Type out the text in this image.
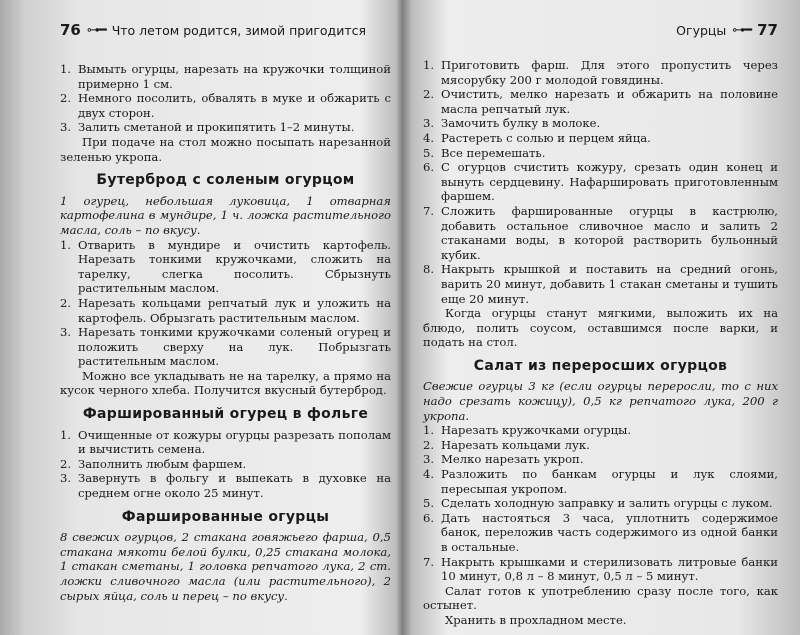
76 ⊶━ Что летом родится, зимой пригодится
1. Вымыть огурцы, нарезать на кружочки толщиной примерно 1 см.
2. Немного посолить, обвалять в муке и обжарить с двух сторон.
3. Залить сметаной и прокипятить 1–2 минуты.

При подаче на стол можно посыпать нарезанной зеленью укропа.

Бутерброд с соленым огурцом

1 огурец, небольшая луковица, 1 отварная картофелина в мундире, 1 ч. ложка растительного масла, соль – по вкусу.

1. Отварить в мундире и очистить картофель. Нарезать тонкими кружочками, сложить на тарелку, слегка посолить. Сбрызнуть растительным маслом.
2. Нарезать кольцами репчатый лук и уложить на картофель. Обрызгать растительным маслом.
3. Нарезать тонкими кружочками соленый огурец и положить сверху на лук. Побрызгать растительным маслом.

Можно все укладывать не на тарелку, а прямо на кусок черного хлеба. Получится вкусный бутерброд.

Фаршированный огурец в фольге
1. Очищенные от кожуры огурцы разрезать пополам и вычистить семена.
2. Заполнить любым фаршем.
3. Завернуть в фольгу и выпекать в духовке на среднем огне около 25 минут.
Фаршированные огурцы

8 свежих огурцов, 2 стакана говяжьего фарша, 0,5 стакана мякоти белой булки, 0,25 стакана молока, 1 стакан сметаны, 1 головка репчатого лука, 2 ст. ложки сливочного масла (или растительного), 2 сырых яйца, соль и перец – по вкусу.

Огурцы ⊶━ 77
1. Приготовить фарш. Для этого пропустить через мясорубку 200 г молодой говядины.
2. Очистить, мелко нарезать и обжарить на половине масла репчатый лук.
3. Замочить булку в молоке.
4. Растереть с солью и перцем яйца.
5. Все перемешать.
6. С огурцов счистить кожуру, срезать один конец и вынуть сердцевину. Нафаршировать приготовленным фаршем.
7. Сложить фаршированные огурцы в кастрюлю, добавить остальное сливочное масло и залить 2 стаканами воды, в которой растворить бульонный кубик.
8. Накрыть крышкой и поставить на средний огонь, варить 20 минут, добавить 1 стакан сметаны и тушить еще 20 минут.

Когда огурцы станут мягкими, выложить их на блюдо, полить соусом, оставшимся после варки, и подать на стол.

Салат из переросших огурцов

Свежие огурцы 3 кг (если огурцы переросли, то с них надо срезать кожицу), 0,5 кг репчатого лука, 200 г укропа.

1. Нарезать кружочками огурцы.
2. Нарезать кольцами лук.
3. Мелко нарезать укроп.
4. Разложить по банкам огурцы и лук слоями, пересыпая укропом.
5. Сделать холодную заправку и залить огурцы с луком.
6. Дать настояться 3 часа, уплотнить содержимое банок, переложив часть содержимого из одной банки в остальные.
7. Накрыть крышками и стерилизовать литровые банки 10 минут, 0,8 л – 8 минут, 0,5 л – 5 минут.

Салат готов к употреблению сразу после того, как остынет.

Хранить в прохладном месте.
